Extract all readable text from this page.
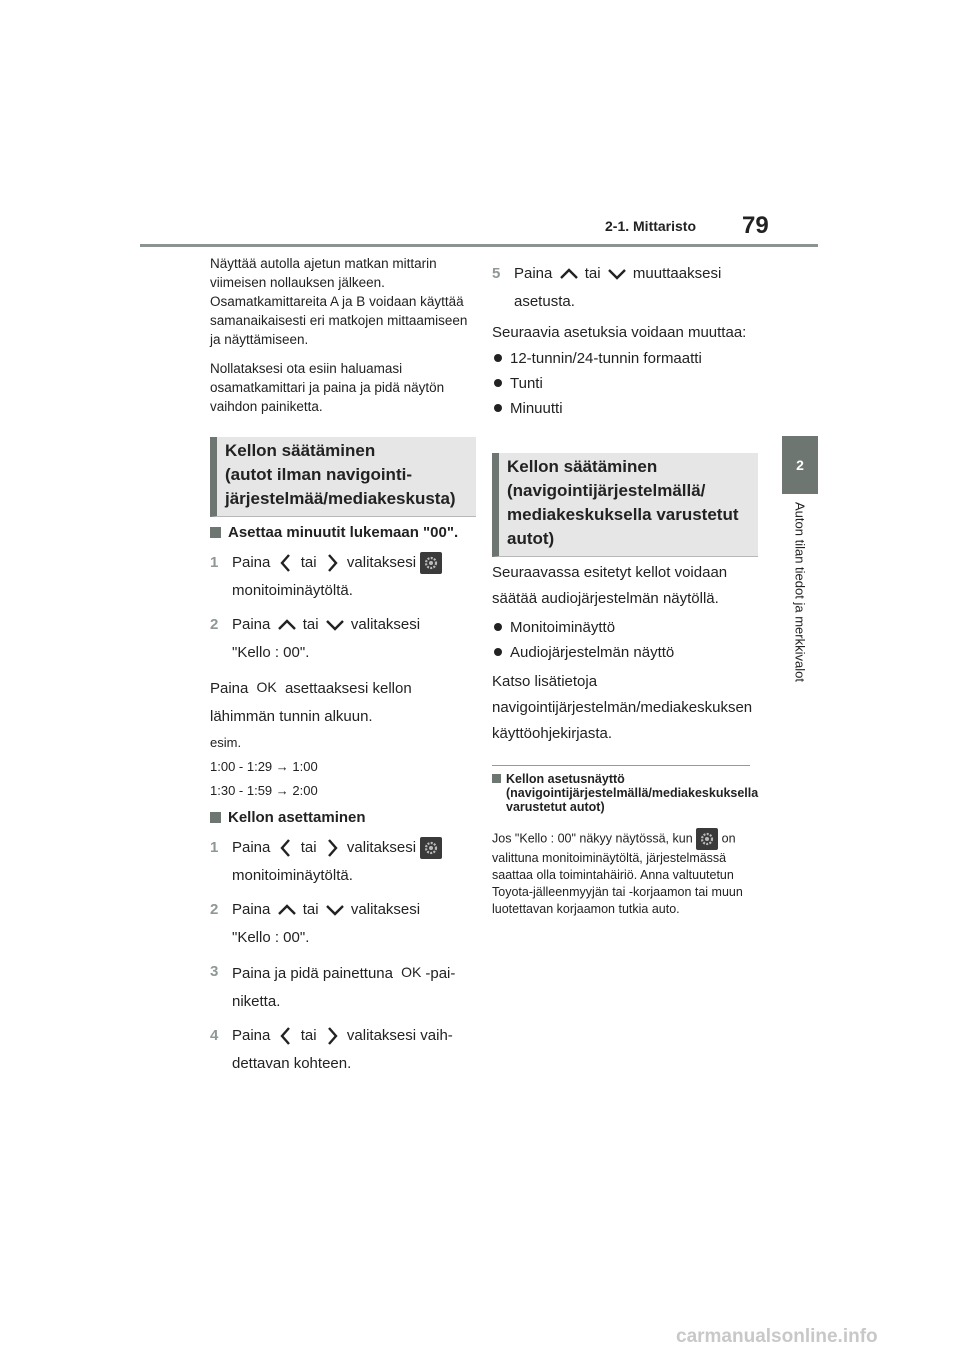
2-1. Mittaristo 79
2
Auton tilan tiedot ja merkkivalot

Näyttää autolla ajetun matkan mittarin viimeisen nollauksen jälkeen. Osamatkamittareita A ja B voidaan käyttää samanaikaisesti eri matkojen mittaamiseen ja näyttämiseen.

Nollataksesi ota esiin haluamasi osamatkamittari ja paina ja pidä näytön vaihdon painiketta.

Kellon säätäminen
(autot ilman navigointi-
järjestelmää/mediakeskusta)
Asettaa minuutit lukemaan "00".
1 Paina tai valitaksesi
monitoiminäytöltä.
2 Paina tai valitaksesi
"Kello : 00".
Paina OK asettaaksesi kellon
lähimmän tunnin alkuun.
esim.
1:00 - 1:29 → 1:00
1:30 - 1:59 → 2:00
Kellon asettaminen
1 Paina tai valitaksesi
monitoiminäytöltä.
2 Paina tai valitaksesi
"Kello : 00".
3 Paina ja pidä painettuna OK -pai-
niketta.
4 Paina tai valitaksesi vaih-
dettavan kohteen.
5 Paina tai muuttaaksesi
asetusta.

Seuraavia asetuksia voidaan muuttaa:

12-tunnin/24-tunnin formaatti
Tunti
Minuutti
Kellon säätäminen
(navigointijärjestelmällä/
mediakeskuksella varustetut
autot)

Seuraavassa esitetyt kellot voidaan säätää audiojärjestelmän näytöllä.

Monitoiminäyttö
Audiojärjestelmän näyttö

Katso lisätietoja navigointijärjestelmän/mediakeskuksen käyttöohjekirjasta.

Kellon asetusnäyttö (navigointijärjestelmällä/mediakeskuksella varustetut autot)
Jos "Kello : 00" näkyy näytössä, kun on valittuna monitoiminäytöltä, järjestelmässä saattaa olla toimintahäiriö. Anna valtuutetun Toyota-jälleenmyyjän tai -korjaamon tai muun luotettavan korjaamon tutkia auto.
carmanualsonline.info
